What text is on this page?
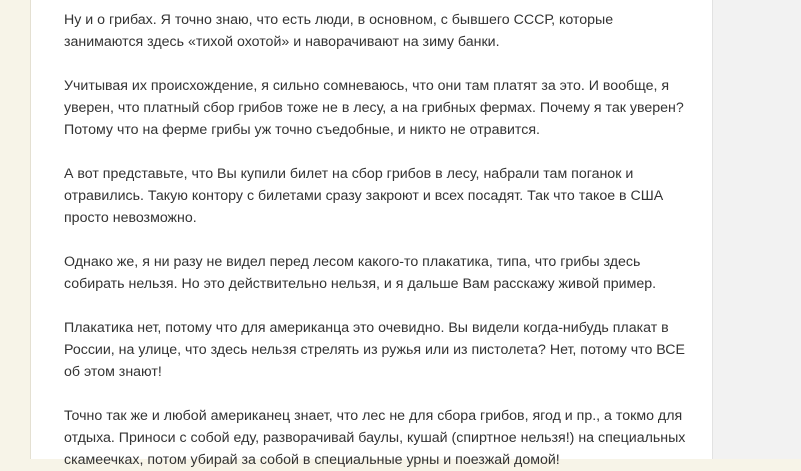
Ну и о грибах. Я точно знаю, что есть люди, в основном, с бывшего СССР, которые занимаются здесь «тихой охотой» и наворачивают на зиму банки.

Учитывая их происхождение, я сильно сомневаюсь, что они там платят за это. И вообще, я уверен, что платный сбор грибов тоже не в лесу, а на грибных фермах. Почему я так уверен? Потому что на ферме грибы уж точно съедобные, и никто не отравится.

А вот представьте, что Вы купили билет на сбор грибов в лесу, набрали там поганок и отравились. Такую контору с билетами сразу закроют и всех посадят. Так что такое в США просто невозможно.

Однако же, я ни разу не видел перед лесом какого-то плакатика, типа, что грибы здесь собирать нельзя. Но это действительно нельзя, и я дальше Вам расскажу живой пример.

Плакатика нет, потому что для американца это очевидно. Вы видели когда-нибудь плакат в России, на улице, что здесь нельзя стрелять из ружья или из пистолета? Нет, потому что ВСЕ об этом знают!

Точно так же и любой американец знает, что лес не для сбора грибов, ягод и пр., а токмо для отдыха. Приноси с собой еду, разворачивай баулы, кушай (спиртное нельзя!) на специальных скамеечках, потом убирай за собой в специальные урны и поезжай домой!
